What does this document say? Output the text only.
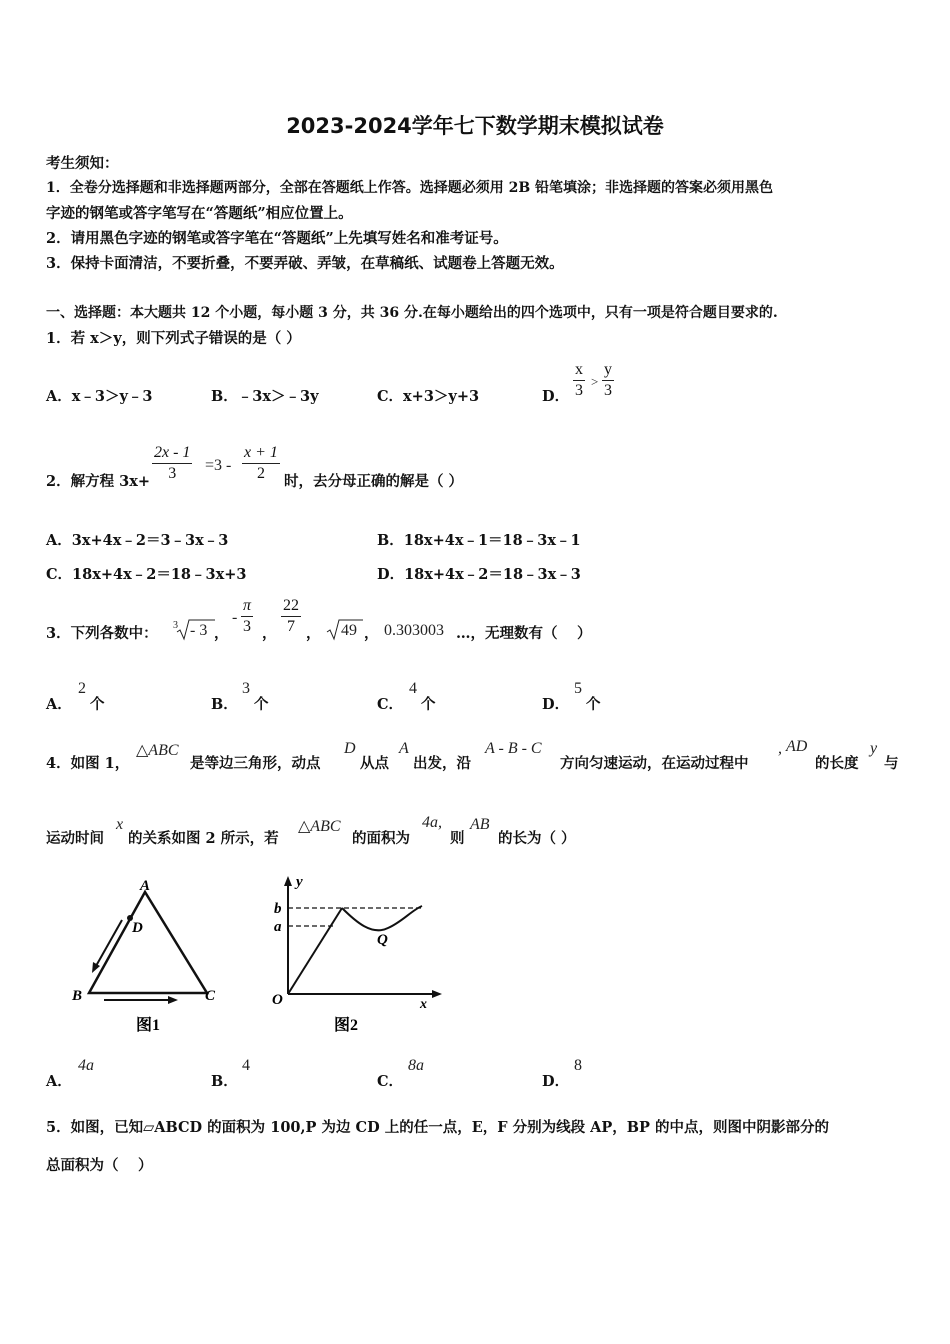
2023-2024学年七下数学期末模拟试卷
考生须知：
1．全卷分选择题和非选择题两部分，全部在答题纸上作答。选择题必须用 2B 铅笔填涂；非选择题的答案必须用黑色
字迹的钢笔或答字笔写在“答题纸”相应位置上。
2．请用黑色字迹的钢笔或答字笔在“答题纸”上先填写姓名和准考证号。
3．保持卡面清洁，不要折叠，不要弄破、弄皱，在草稿纸、试题卷上答题无效。
一、选择题：本大题共 12 个小题，每小题 3 分，共 36 分.在每小题给出的四个选项中，只有一项是符合题目要求的.
1．若 x＞y，则下列式子错误的是（ ）
A．x﹣3＞y﹣3	B．﹣3x＞﹣3y	C．x+3＞y+3	D．
x
3
>
y
3
2．解方程 3x+
2x - 1
3	=3 -
x + 1
2	时，去分母正确的解是（ ）
A．3x+4x﹣2＝3﹣3x﹣3	B．18x+4x﹣1＝18﹣3x﹣1
C．18x+4x﹣2＝18﹣3x+3	D．18x+4x﹣2＝18﹣3x﹣3
3．下列各数中： 3 - 3 ，
-
π
3 ，
22
7 ， 49 ， 0.303003 …，无理数有（　 ）
A．
2
个	B．
3
个	C．
4
个	D．
5
个
4．如图 1，
△ABC
是等边三角形，动点
D
从点
A
出发，沿
A - B - C
方向匀速运动，在运动过程中
, AD
的长度
y
与
运动时间
x
的关系如图 2 所示，若
△ABC
的面积为
4a,
则
AB
的长为（ ）
A
D
B	C
图1
y
b
a
Q
O	x
图2
A．
4a
B．
4
C．
8a
D．
8
5．如图，已知▱ABCD 的面积为 100,P 为边 CD 上的任一点，E，F 分别为线段 AP，BP 的中点，则图中阴影部分的
总面积为（　 ）
